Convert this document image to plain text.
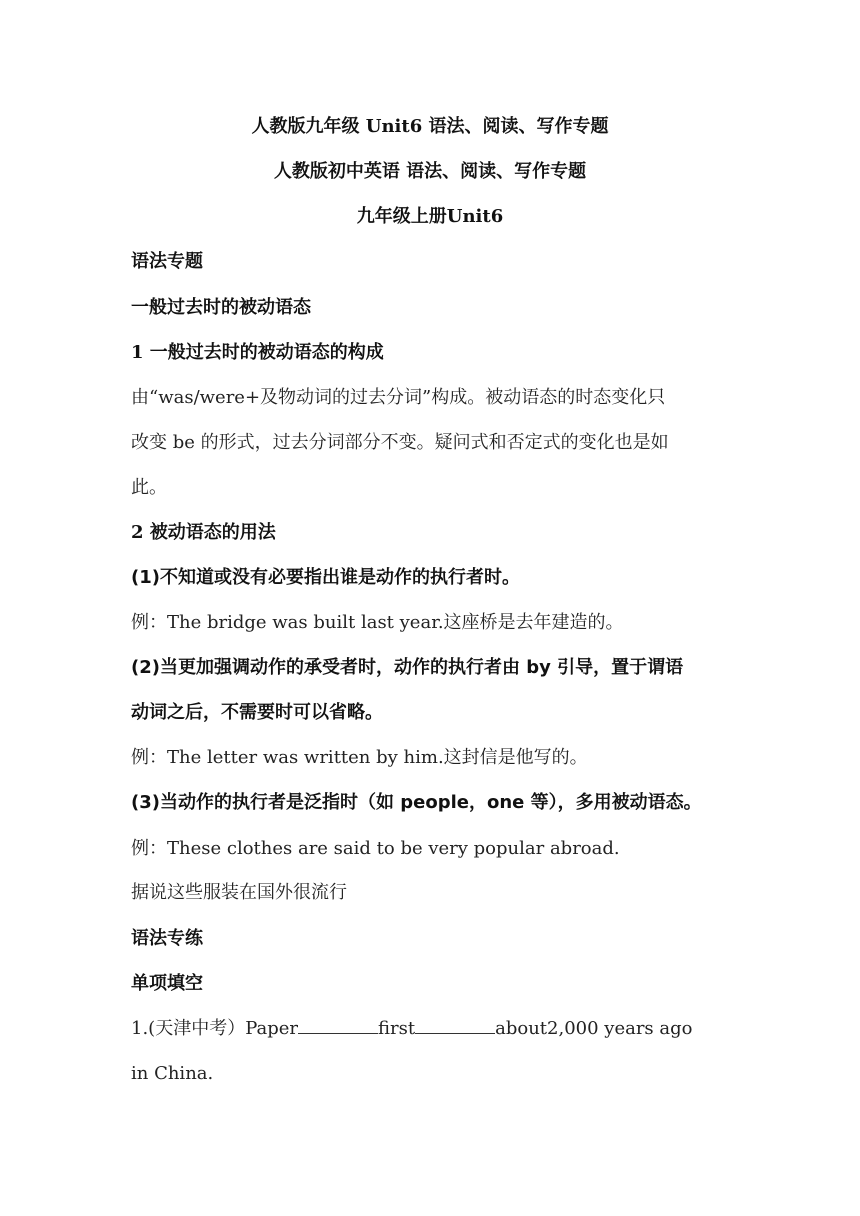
人教版九年级 Unit6 语法、阅读、写作专题
人教版初中英语 语法、阅读、写作专题
九年级上册Unit6
语法专题
一般过去时的被动语态
1 一般过去时的被动语态的构成
由“was/were+及物动词的过去分词”构成。被动语态的时态变化只
改变 be 的形式，过去分词部分不变。疑问式和否定式的变化也是如
此。
2 被动语态的用法
(1)不知道或没有必要指出谁是动作的执行者时。
例：The bridge was built last year.这座桥是去年建造的。
(2)当更加强调动作的承受者时，动作的执行者由 by 引导，置于谓语
动词之后，不需要时可以省略。
例：The letter was written by him.这封信是他写的。
(3)当动作的执行者是泛指时（如 people，one 等），多用被动语态。
例：These clothes are said to be very popular abroad.
据说这些服装在国外很流行
语法专练
单项填空
1.(天津中考）Paper	first	about2,000 years ago
in China.
